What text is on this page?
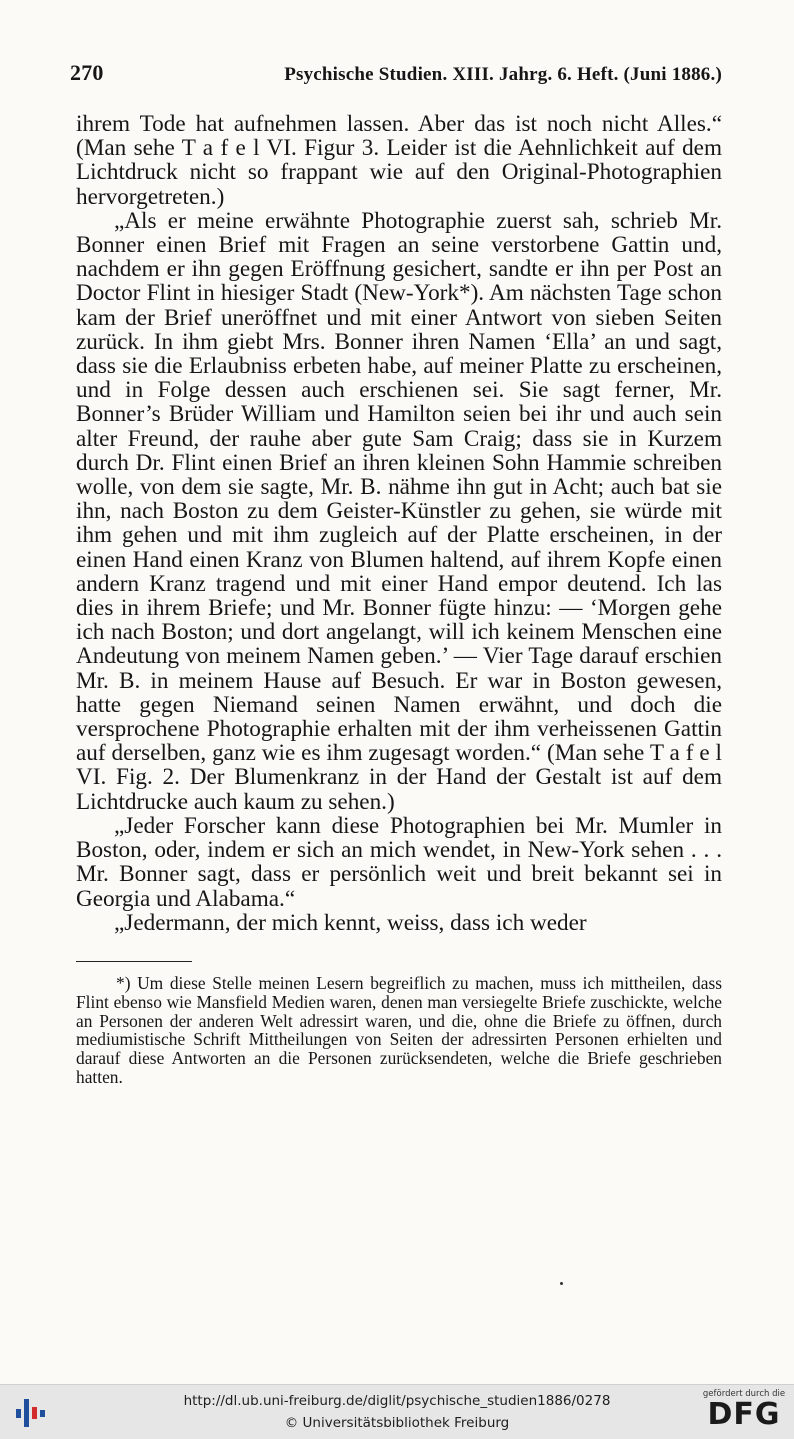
270	Psychische Studien. XIII. Jahrg. 6. Heft. (Juni 1886.)

ihrem Tode hat aufnehmen lassen. Aber das ist noch nicht Alles.“ (Man sehe T a f e l VI. Figur 3. Leider ist die Aehnlichkeit auf dem Lichtdruck nicht so frappant wie auf den Original-Photographien hervorgetreten.)

„Als er meine erwähnte Photographie zuerst sah, schrieb Mr. Bonner einen Brief mit Fragen an seine verstorbene Gattin und, nachdem er ihn gegen Eröffnung gesichert, sandte er ihn per Post an Doctor Flint in hiesiger Stadt (New-York*). Am nächsten Tage schon kam der Brief uneröffnet und mit einer Antwort von sieben Seiten zurück. In ihm giebt Mrs. Bonner ihren Namen ‘Ella’ an und sagt, dass sie die Erlaubniss erbeten habe, auf meiner Platte zu erscheinen, und in Folge dessen auch erschienen sei. Sie sagt ferner, Mr. Bonner’s Brüder William und Hamilton seien bei ihr und auch sein alter Freund, der rauhe aber gute Sam Craig; dass sie in Kurzem durch Dr. Flint einen Brief an ihren kleinen Sohn Hammie schreiben wolle, von dem sie sagte, Mr. B. nähme ihn gut in Acht; auch bat sie ihn, nach Boston zu dem Geister-Künstler zu gehen, sie würde mit ihm gehen und mit ihm zugleich auf der Platte erscheinen, in der einen Hand einen Kranz von Blumen haltend, auf ihrem Kopfe einen andern Kranz tragend und mit einer Hand empor deutend. Ich las dies in ihrem Briefe; und Mr. Bonner fügte hinzu: — ‘Morgen gehe ich nach Boston; und dort angelangt, will ich keinem Menschen eine Andeutung von meinem Namen geben.’ — Vier Tage darauf erschien Mr. B. in meinem Hause auf Besuch. Er war in Boston gewesen, hatte gegen Niemand seinen Namen erwähnt, und doch die versprochene Photographie erhalten mit der ihm verheissenen Gattin auf derselben, ganz wie es ihm zugesagt worden.“ (Man sehe T a f e l VI. Fig. 2. Der Blumenkranz in der Hand der Gestalt ist auf dem Lichtdrucke auch kaum zu sehen.)

„Jeder Forscher kann diese Photographien bei Mr. Mumler in Boston, oder, indem er sich an mich wendet, in New-York sehen . . . Mr. Bonner sagt, dass er persönlich weit und breit bekannt sei in Georgia und Alabama.“

„Jedermann, der mich kennt, weiss, dass ich weder

*) Um diese Stelle meinen Lesern begreiflich zu machen, muss ich mittheilen, dass Flint ebenso wie Mansfield Medien waren, denen man versiegelte Briefe zuschickte, welche an Personen der anderen Welt adressirt waren, und die, ohne die Briefe zu öffnen, durch mediumistische Schrift Mittheilungen von Seiten der adressirten Personen erhielten und darauf diese Antworten an die Personen zurücksendeten, welche die Briefe geschrieben hatten.
http://dl.ub.uni-freiburg.de/diglit/psychische_studien1886/0278
© Universitätsbibliothek Freiburg
gefördert durch die
DFG
